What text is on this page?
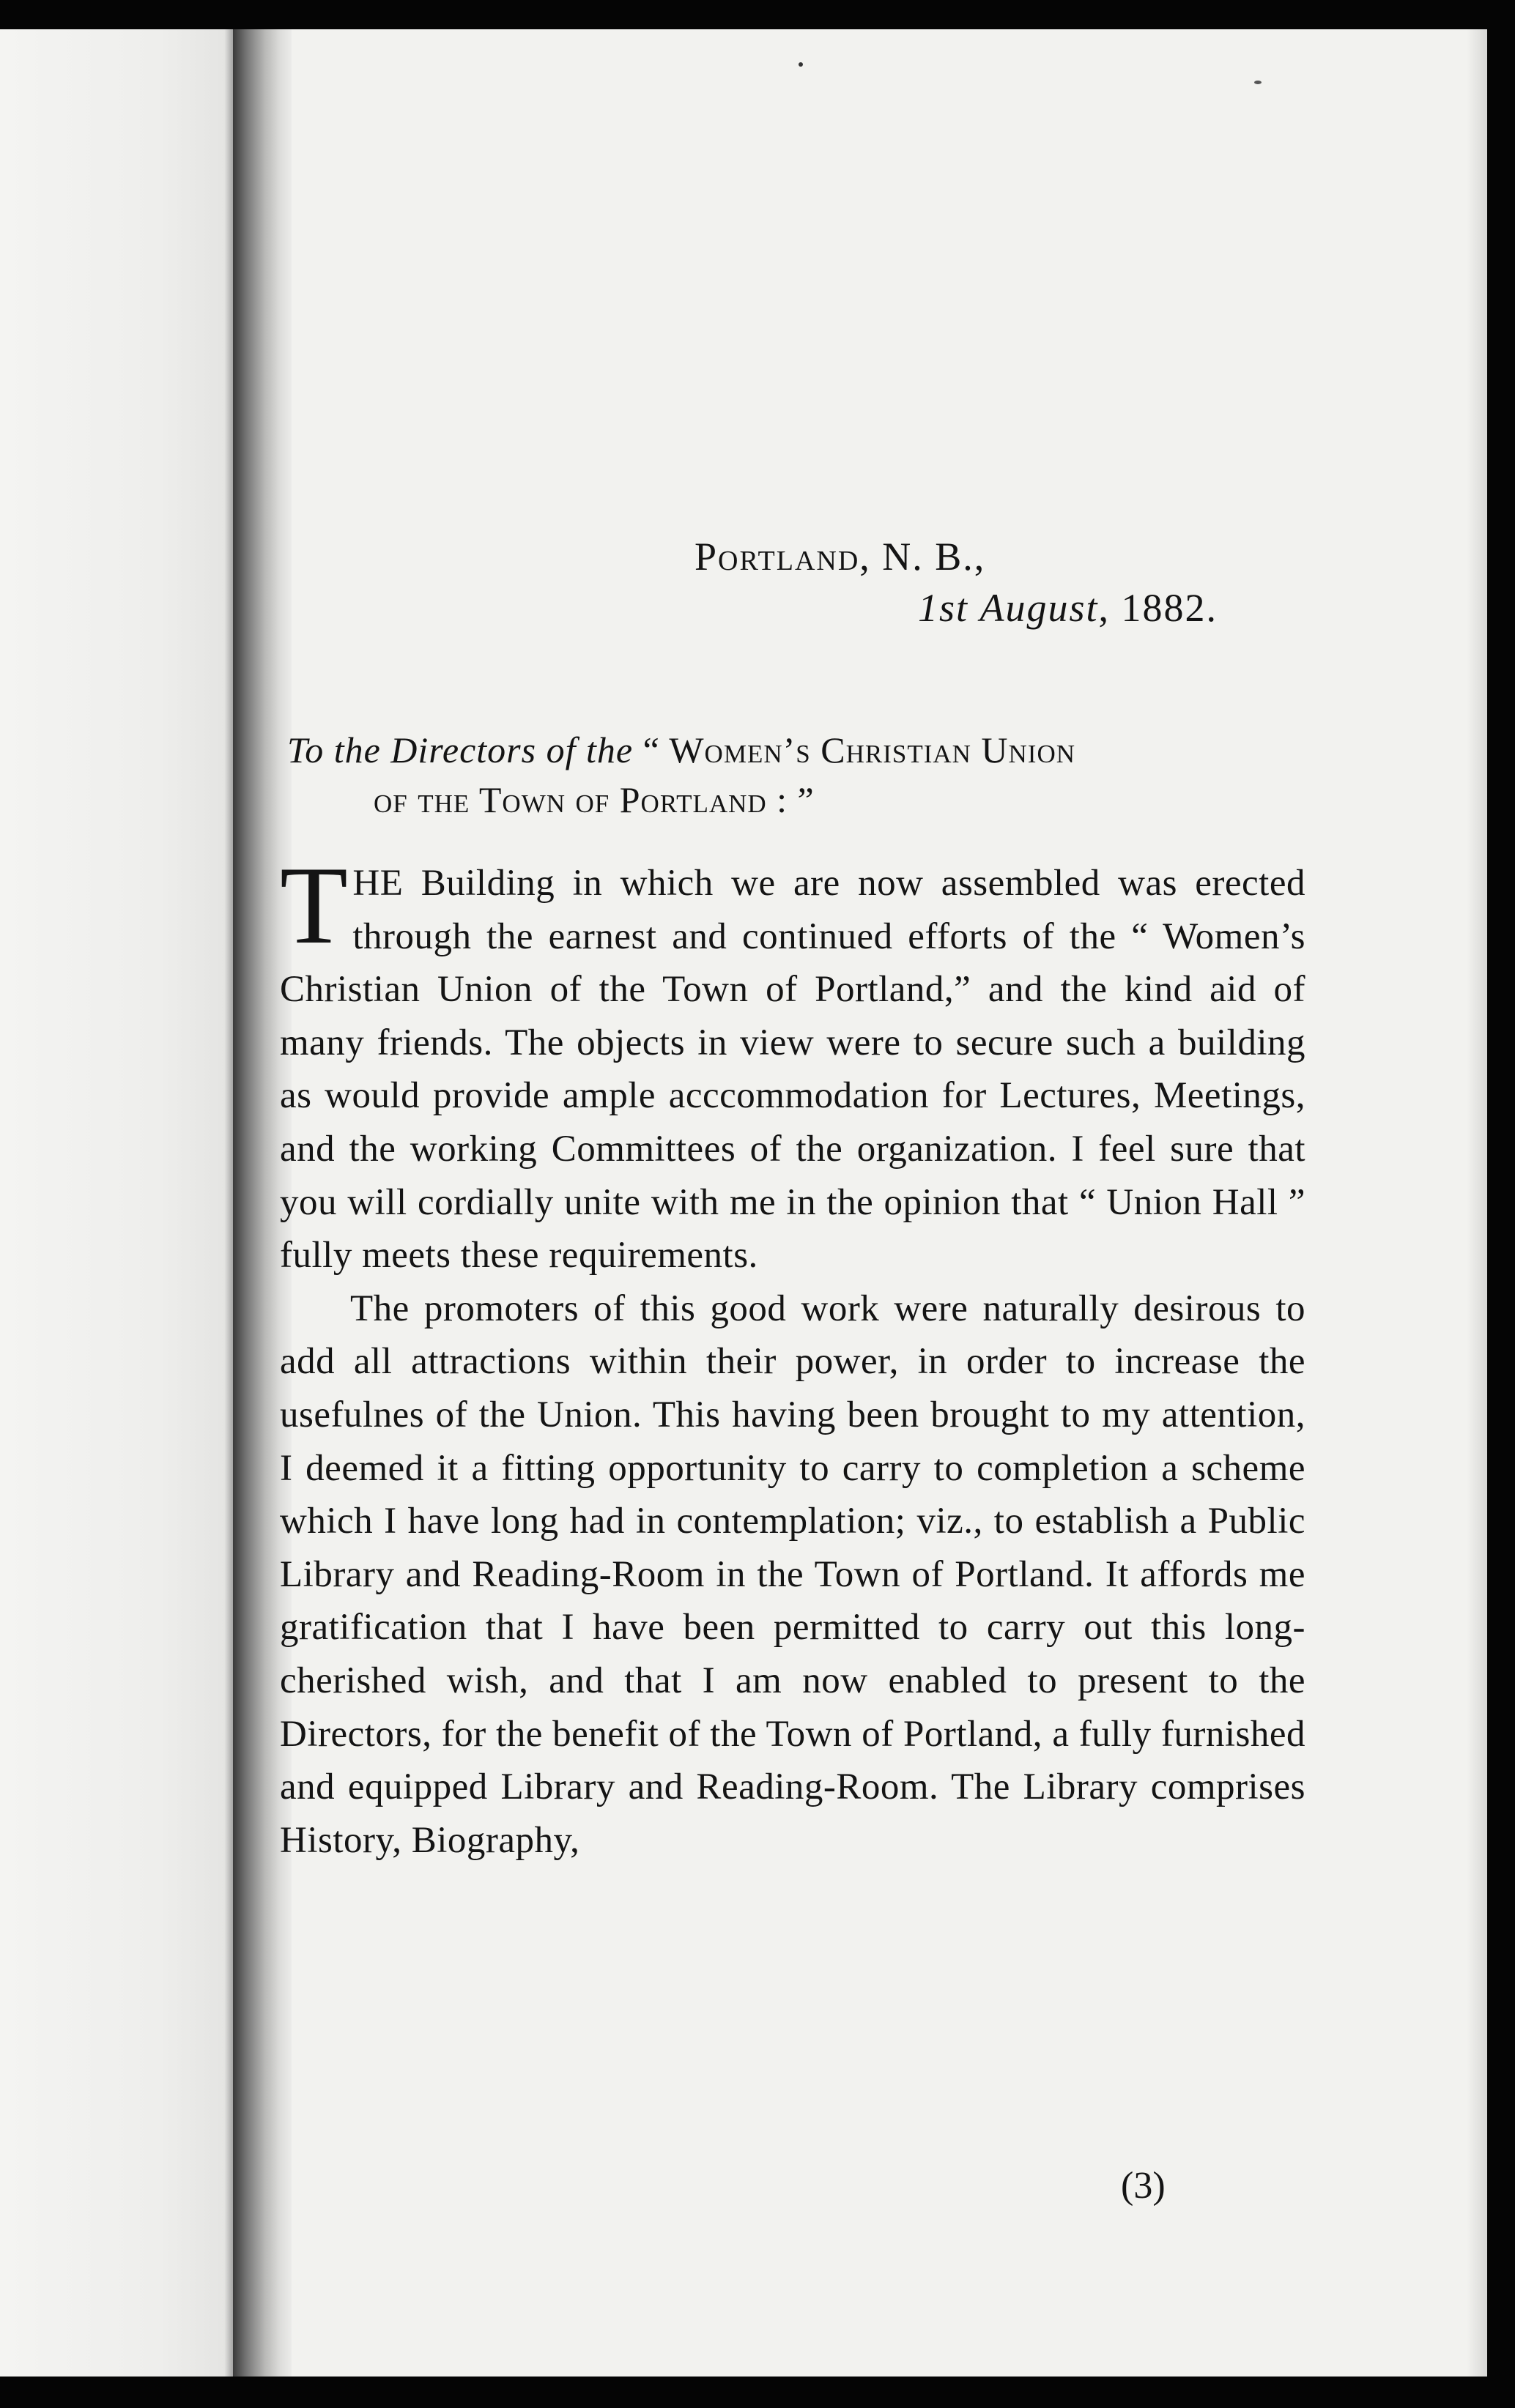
Portland, N. B.,
1st August, 1882.
To the Directors of the “ Women’s Christian Union
of the Town of Portland : ”

THE Building in which we are now assembled was erected through the earnest and continued efforts of the “ Women’s Christian Union of the Town of Portland,” and the kind aid of many friends. The objects in view were to secure such a building as would provide ample acccommodation for Lectures, Meetings, and the working Committees of the organization. I feel sure that you will cordially unite with me in the opinion that “ Union Hall ” fully meets these requirements.

The promoters of this good work were naturally desirous to add all attractions within their power, in order to increase the usefulnes of the Union. This having been brought to my attention, I deemed it a fitting opportunity to carry to completion a scheme which I have long had in contemplation; viz., to establish a Public Library and Reading-Room in the Town of Portland. It affords me gratification that I have been permitted to carry out this long-cherished wish, and that I am now enabled to present to the Directors, for the benefit of the Town of Portland, a fully furnished and equipped Library and Reading-Room. The Library comprises History, Biography,

(3)
